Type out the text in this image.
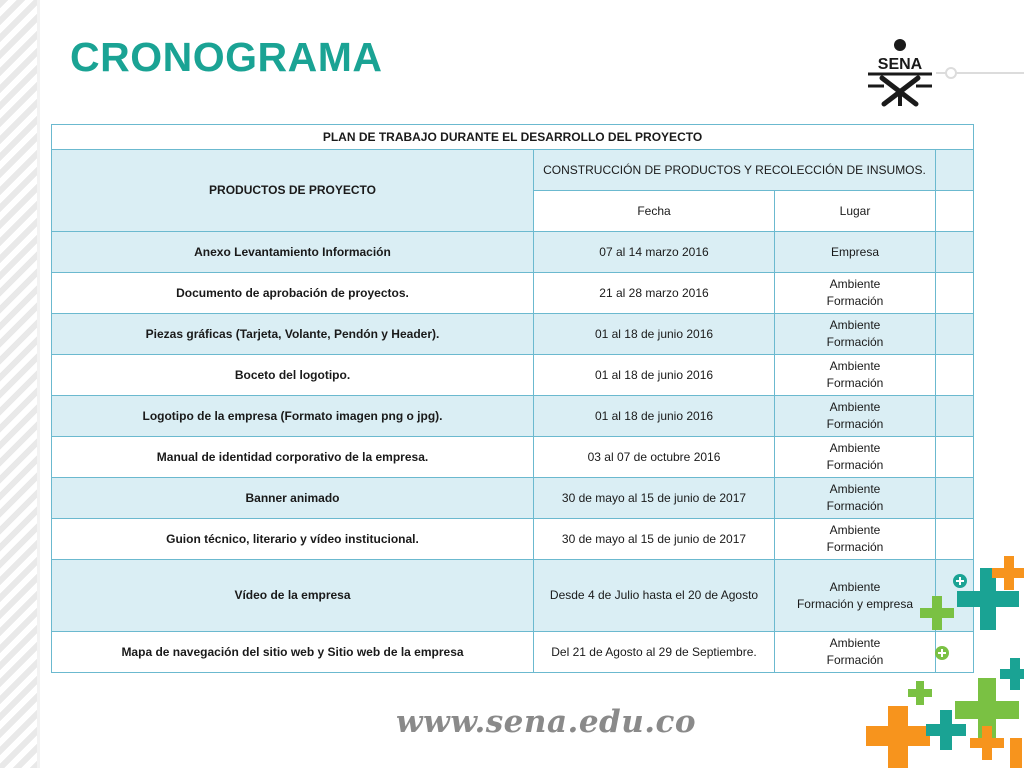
CRONOGRAMA	SENA
PLAN DE TRABAJO DURANTE EL DESARROLLO DEL PROYECTO			
PRODUCTOS DE PROYECTO	CONSTRUCCIÓN DE PRODUCTOS Y RECOLECCIÓN DE INSUMOS.		
	Fecha	Lugar	
Anexo Levantamiento Información	07 al 14 marzo 2016	Empresa	
Documento de aprobación de proyectos.	21 al 28 marzo 2016	Ambiente
Formación	
Piezas gráficas (Tarjeta, Volante, Pendón y Header).	01 al 18 de junio 2016	Ambiente
Formación	
Boceto del logotipo.	01 al 18 de junio 2016	Ambiente
Formación	
Logotipo de la empresa (Formato imagen png o jpg).	01 al 18 de junio 2016	Ambiente
Formación	
Manual de identidad corporativo de la empresa.	03 al 07 de octubre 2016	Ambiente
Formación	
Banner animado	30 de mayo al 15 de junio de 2017	Ambiente
Formación	
Guion técnico, literario y vídeo institucional.	30 de mayo al 15 de junio de 2017	Ambiente
Formación	
Vídeo de la empresa	Desde 4 de Julio hasta el 20 de Agosto	Ambiente
Formación y empresa	
Mapa de navegación del sitio web y Sitio web de la empresa	Del 21 de Agosto al 29 de Septiembre.	Ambiente
Formación	
www.sena.edu.co
